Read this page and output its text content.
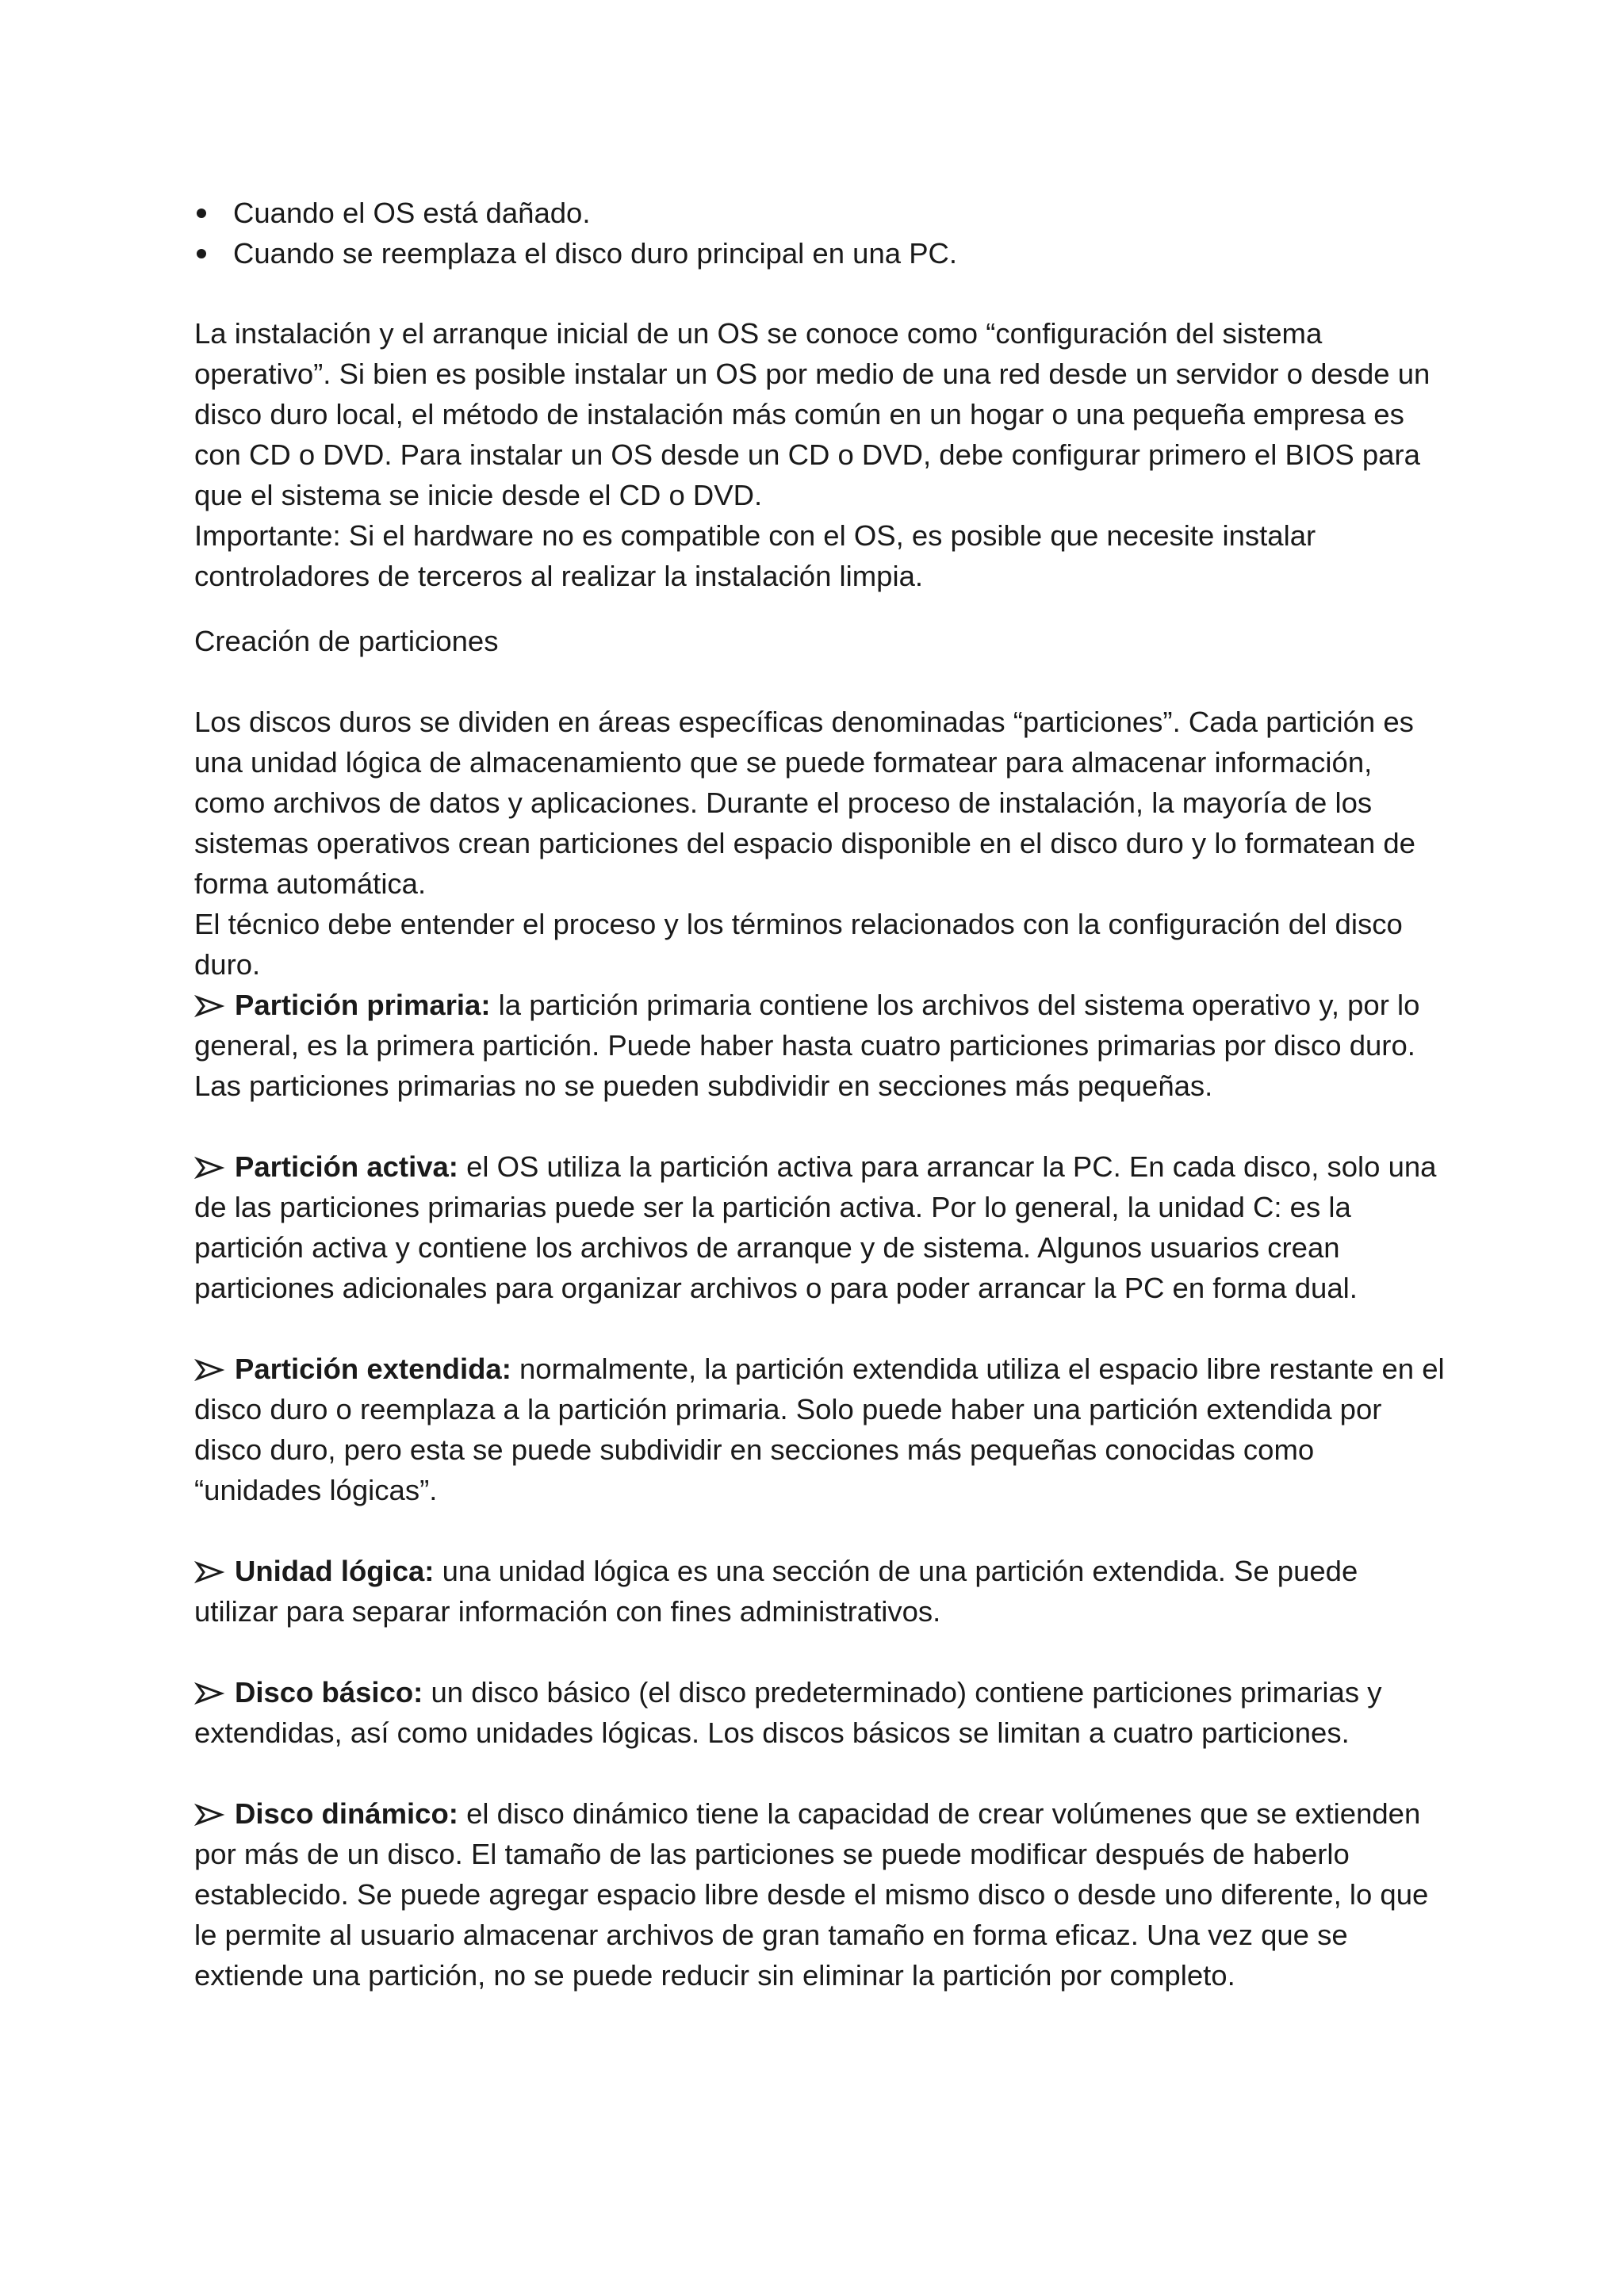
Cuando el OS está dañado.
Cuando se reemplaza el disco duro principal en una PC.

La instalación y el arranque inicial de un OS se conoce como “configuración del sistema operativo”. Si bien es posible instalar un OS por medio de una red desde un servidor o desde un disco duro local, el método de instalación más común en un hogar o una pequeña empresa es con CD o DVD. Para instalar un OS desde un CD o DVD, debe configurar primero el BIOS para que el sistema se inicie desde el CD o DVD.

Importante: Si el hardware no es compatible con el OS, es posible que necesite instalar controladores de terceros al realizar la instalación limpia.

Creación de particiones

Los discos duros se dividen en áreas específicas denominadas “particiones”. Cada partición es una unidad lógica de almacenamiento que se puede formatear para almacenar información, como archivos de datos y aplicaciones. Durante el proceso de instalación, la mayoría de los sistemas operativos crean particiones del espacio disponible en el disco duro y lo formatean de forma automática.

El técnico debe entender el proceso y los términos relacionados con la configuración del disco duro.

Partición primaria: la partición primaria contiene los archivos del sistema operativo y, por lo general, es la primera partición. Puede haber hasta cuatro particiones primarias por disco duro. Las particiones primarias no se pueden subdividir en secciones más pequeñas.

Partición activa: el OS utiliza la partición activa para arrancar la PC. En cada disco, solo una de las particiones primarias puede ser la partición activa. Por lo general, la unidad C: es la partición activa y contiene los archivos de arranque y de sistema. Algunos usuarios crean particiones adicionales para organizar archivos o para poder arrancar la PC en forma dual.

Partición extendida: normalmente, la partición extendida utiliza el espacio libre restante en el disco duro o reemplaza a la partición primaria. Solo puede haber una partición extendida por disco duro, pero esta se puede subdividir en secciones más pequeñas conocidas como “unidades lógicas”.

Unidad lógica: una unidad lógica es una sección de una partición extendida. Se puede utilizar para separar información con fines administrativos.

Disco básico: un disco básico (el disco predeterminado) contiene particiones primarias y extendidas, así como unidades lógicas. Los discos básicos se limitan a cuatro particiones.

Disco dinámico: el disco dinámico tiene la capacidad de crear volúmenes que se extienden por más de un disco. El tamaño de las particiones se puede modificar después de haberlo establecido. Se puede agregar espacio libre desde el mismo disco o desde uno diferente, lo que le permite al usuario almacenar archivos de gran tamaño en forma eficaz. Una vez que se extiende una partición, no se puede reducir sin eliminar la partición por completo.
